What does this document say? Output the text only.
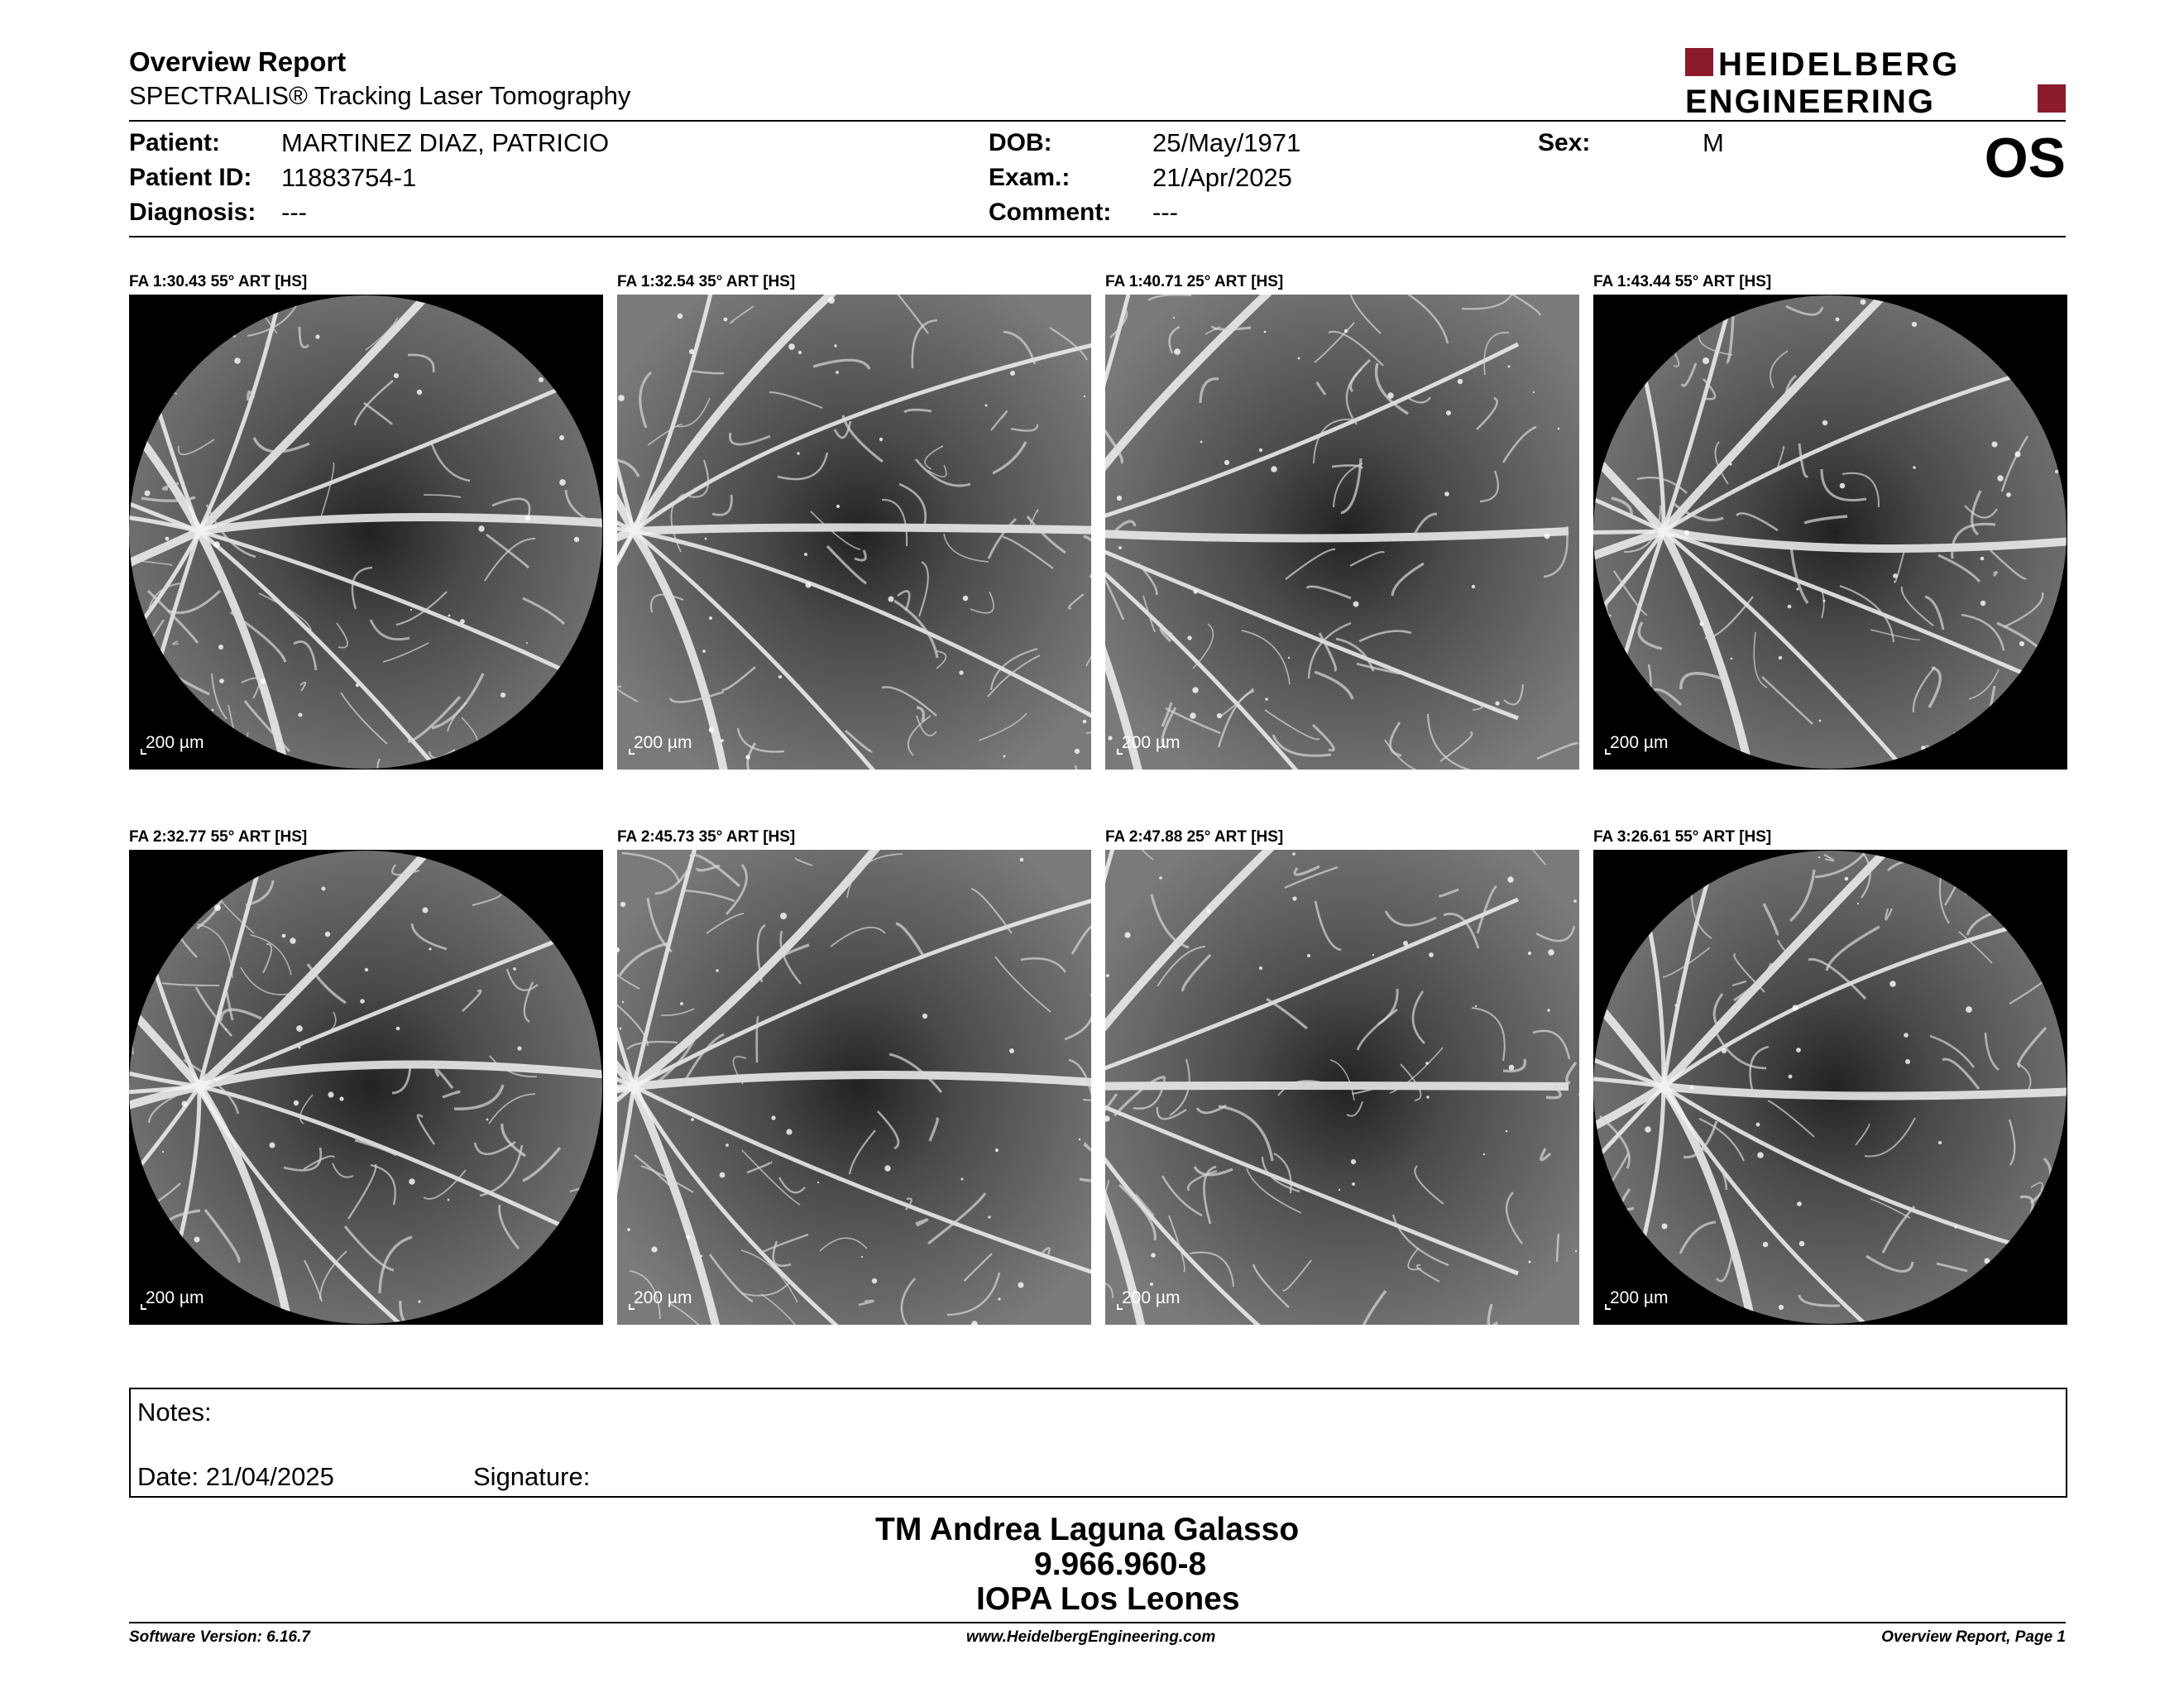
Overview Report
SPECTRALIS® Tracking Laser Tomography
HEIDELBERG
ENGINEERING
Patient: MARTINEZ DIAZ, PATRICIO
Patient ID: 11883754-1
Diagnosis: ---
DOB:	25/May/1971
Exam.:	21/Apr/2025
Comment: ---
Sex:	M	OS
FA 1:30.43 55° ART [HS]
200 µm
FA 1:32.54 35° ART [HS]
200 µm
FA 1:40.71 25° ART [HS]
200 µm
FA 1:43.44 55° ART [HS]
200 µm
FA 2:32.77 55° ART [HS]
200 µm
FA 2:45.73 35° ART [HS]
200 µm
FA 2:47.88 25° ART [HS]
200 µm
FA 3:26.61 55° ART [HS]
200 µm
Notes:
Date: 21/04/2025	Signature:
TM Andrea Laguna Galasso
9.966.960-8
IOPA Los Leones
Software Version: 6.16.7	www.HeidelbergEngineering.com	Overview Report, Page 1
